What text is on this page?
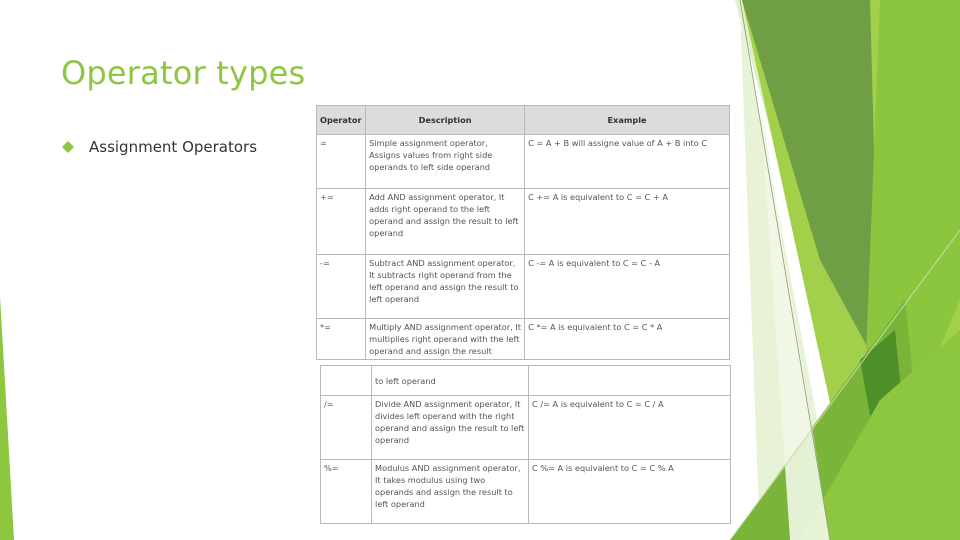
Operator types
Assignment Operators
Operator	Description	Example
=	Simple assignment operator, Assigns values from right side operands to left side operand	C = A + B will assigne value of A + B into C
+=	Add AND assignment operator, It adds right operand to the left operand and assign the result to left operand	C += A is equivalent to C = C + A
-=	Subtract AND assignment operator, It subtracts right operand from the left operand and assign the result to left operand	C -= A is equivalent to C = C - A
*=	Multiply AND assignment operator, It multiplies right operand with the left operand and assign the result	C *= A is equivalent to C = C * A
	to left operand	
/=	Divide AND assignment operator, It divides left operand with the right operand and assign the result to left operand	C /= A is equivalent to C = C / A
%=	Modulus AND assignment operator, It takes modulus using two operands and assign the result to left operand	C %= A is equivalent to C = C % A
